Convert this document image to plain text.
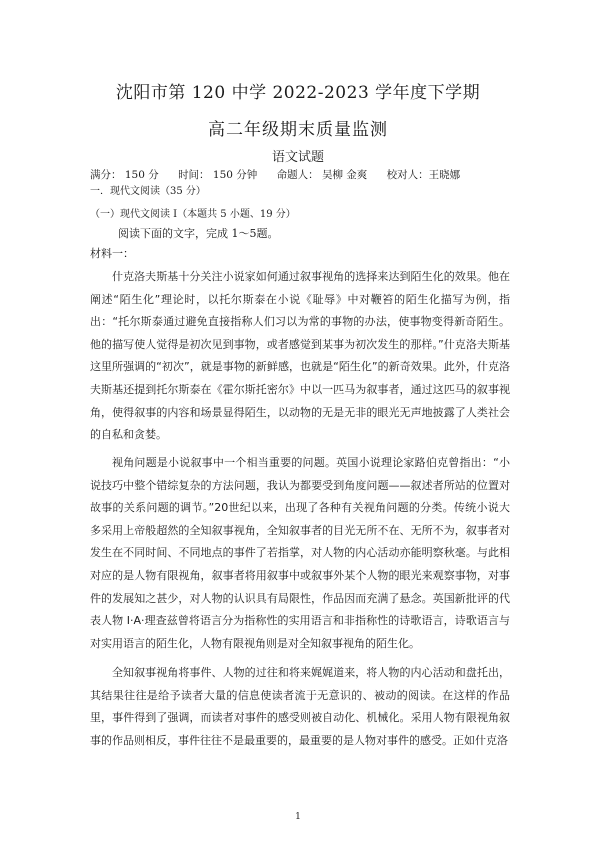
沈阳市第 120 中学 2022-2023 学年度下学期
高二年级期末质量监测
语文试题
满分： 150 分 时间： 150 分钟 命题人： 吴柳 金爽 校对人：王晓娜
一．现代文阅读（35 分）
（一）现代文阅读 I（本题共 5 小题、19 分）
阅读下面的文字，完成 1～5题。
材料一：
什克洛夫斯基十分关注小说家如何通过叙事视角的选择来达到陌生化的效果。他在阐述“陌生化”理论时，以托尔斯泰在小说《耻辱》中对鞭笞的陌生化描写为例，指出：“托尔斯泰通过避免直接指称人们习以为常的事物的办法，使事物变得新奇陌生。他的描写使人觉得是初次见到事物，或者感觉到某事为初次发生的那样。”什克洛夫斯基这里所强调的“初次”，就是事物的新鲜感，也就是“陌生化”的新奇效果。此外，什克洛夫斯基还提到托尔斯泰在《霍尔斯托密尔》中以一匹马为叙事者，通过这匹马的叙事视角，使得叙事的内容和场景显得陌生，以动物的无是无非的眼光无声地披露了人类社会的自私和贪婪。
视角问题是小说叙事中一个相当重要的问题。英国小说理论家路伯克曾指出：“小说技巧中整个错综复杂的方法问题，我认为都要受到角度问题——叙述者所站的位置对故事的关系问题的调节。”20世纪以来，出现了各种有关视角问题的分类。传统小说大多采用上帝般超然的全知叙事视角，全知叙事者的目光无所不在、无所不为，叙事者对发生在不同时间、不同地点的事件了若指掌，对人物的内心活动亦能明察秋毫。与此相对应的是人物有限视角，叙事者将用叙事中或叙事外某个人物的眼光来观察事物，对事件的发展知之甚少，对人物的认识具有局限性，作品因而充满了悬念。英国新批评的代表人物 I·A·理查兹曾将语言分为指称性的实用语言和非指称性的诗歌语言，诗歌语言与对实用语言的陌生化，人物有限视角则是对全知叙事视角的陌生化。
全知叙事视角将事件、人物的过往和将来娓娓道来，将人物的内心活动和盘托出，其结果往往是给予读者大量的信息使读者流于无意识的、被动的阅读。在这样的作品里，事件得到了强调，而读者对事件的感受则被自动化、机械化。采用人物有限视角叙事的作品则相反，事件往往不是最重要的，最重要的是人物对事件的感受。正如什克洛
1
